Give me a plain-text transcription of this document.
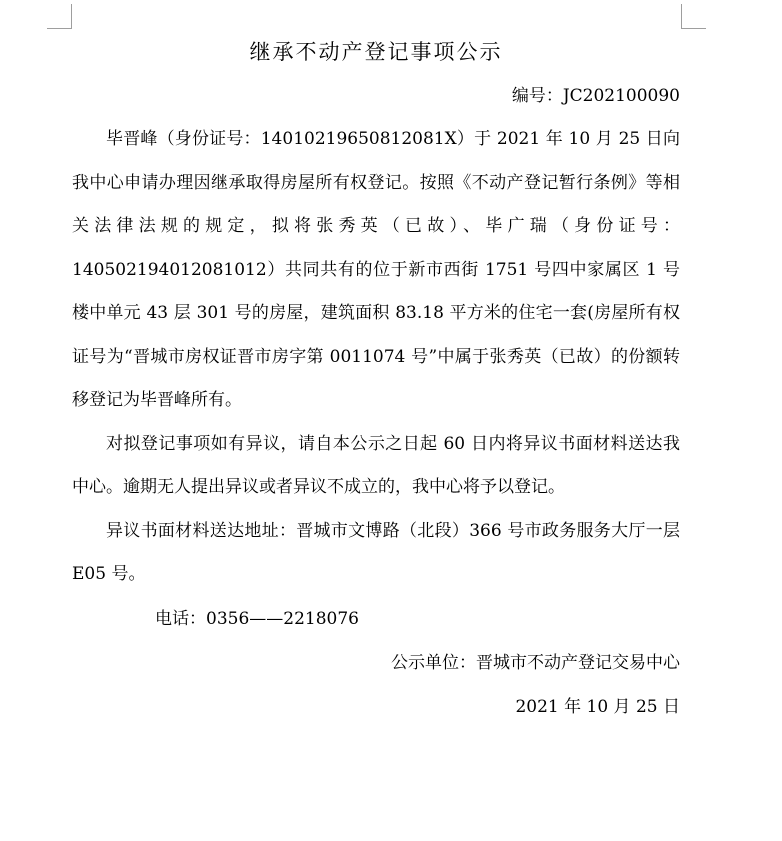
继承不动产登记事项公示
编号：JC202100090

毕晋峰（身份证号：14010219650812081X）于 2021 年 10 月 25 日向我中心申请办理因继承取得房屋所有权登记。按照《不动产登记暂行条例》等相关法律法规的规定，拟将张秀英（已故）、毕广瑞（身份证号：140502194012081012）共同共有的位于新市西街 1751 号四中家属区 1 号楼中单元 43 层 301 号的房屋，建筑面积 83.18 平方米的住宅一套(房屋所有权证号为“晋城市房权证晋市房字第 0011074 号”中属于张秀英（已故）的份额转移登记为毕晋峰所有。

对拟登记事项如有异议，请自本公示之日起 60 日内将异议书面材料送达我中心。逾期无人提出异议或者异议不成立的，我中心将予以登记。

异议书面材料送达地址：晋城市文博路（北段）366 号市政务服务大厅一层 E05 号。

电话：0356——2218076
公示单位：晋城市不动产登记交易中心
2021 年 10 月 25 日
